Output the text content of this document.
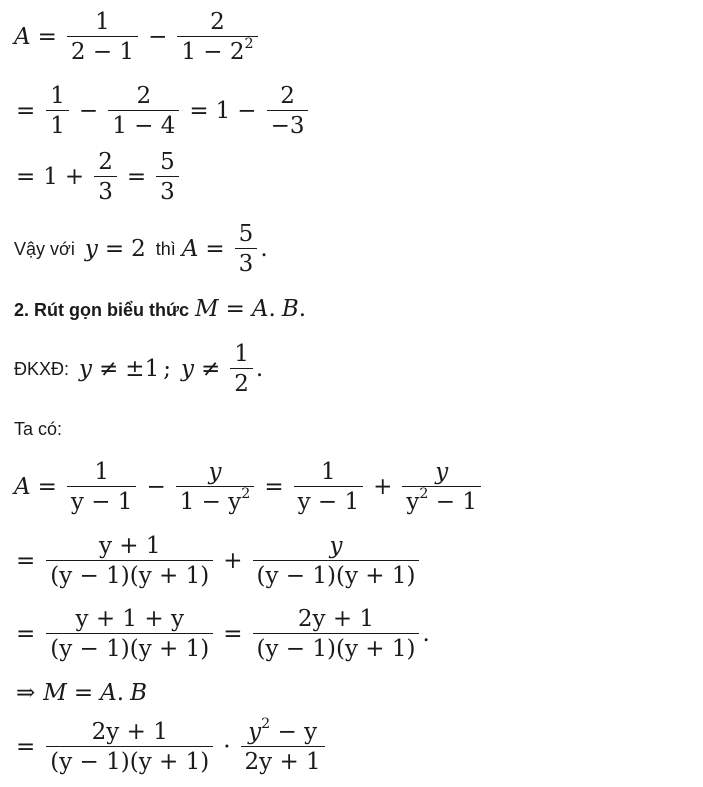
$A = \frac{1}{2 - 1} - \frac{2}{1 - 2^2}$
= $\frac{1}{1} - \frac{2}{1 - 4} = 1 - \frac{2}{-3}$
= $1 + \frac{2}{3} = \frac{5}{3}$
Vậy với y = 2 thì $A = \frac{5}{3}$ .
2. Rút gọn biểu thức M = A. B.
ĐKXĐ: y ≠ ±1 ; $y \ne \frac{1}{2}$ .
Ta có:
$A = \frac{1}{y - 1} - \frac{y}{1 - y^2} = \frac{1}{y - 1} + \frac{y}{y^2 - 1}$
= $\frac{y + 1}{(y - 1)(y + 1)} + \frac{y}{(y - 1)(y + 1)}$
= $\frac{y + 1 + y}{(y - 1)(y + 1)} = \frac{2y + 1}{(y - 1)(y + 1)}$ .
⇒ M = A . B
= $\frac{2y + 1}{(y - 1)(y + 1)} \cdot \frac{y^2 - y}{2y + 1}$
